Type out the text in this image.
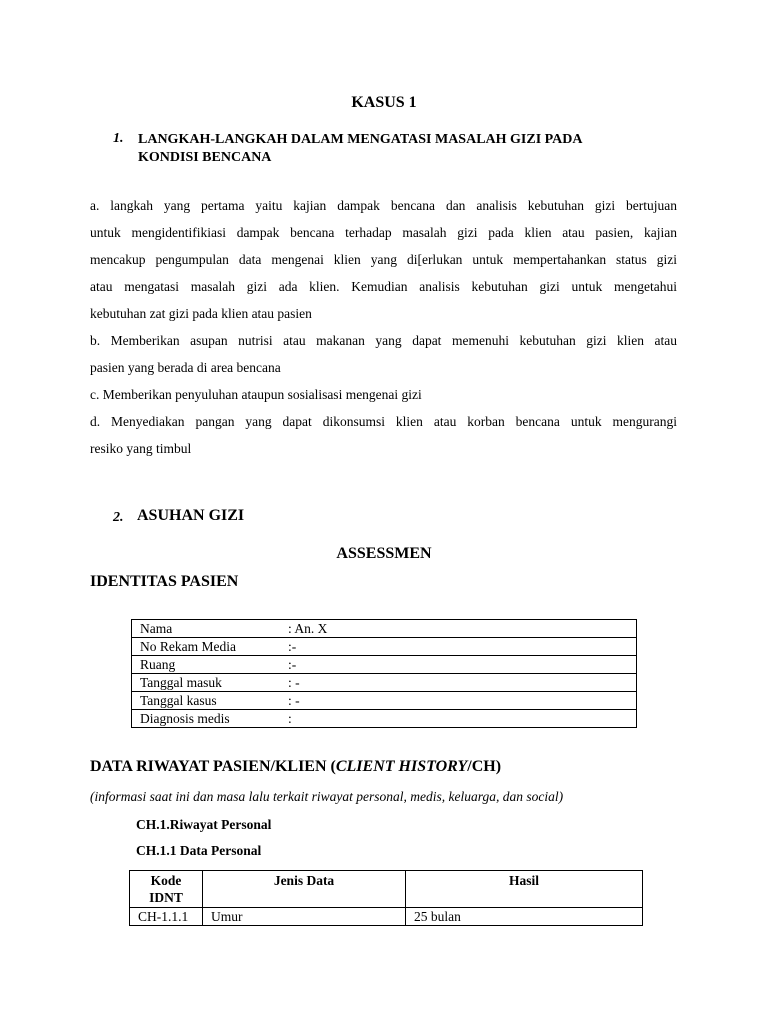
KASUS 1
1. LANGKAH-LANGKAH DALAM MENGATASI MASALAH GIZI PADA
KONDISI BENCANA

a. langkah yang pertama yaitu kajian dampak bencana dan analisis kebutuhan gizi bertujuan

untuk mengidentifikiasi dampak bencana terhadap masalah gizi pada klien atau pasien, kajian

mencakup pengumpulan data mengenai klien yang di[erlukan untuk mempertahankan status gizi

atau mengatasi masalah gizi ada klien. Kemudian analisis kebutuhan gizi untuk mengetahui

kebutuhan zat gizi pada klien atau pasien

b. Memberikan asupan nutrisi atau makanan yang dapat memenuhi kebutuhan gizi klien atau

pasien yang berada di area bencana

c. Memberikan penyuluhan ataupun sosialisasi mengenai gizi

d. Menyediakan pangan yang dapat dikonsumsi klien atau korban bencana untuk mengurangi

resiko yang timbul

2. ASUHAN GIZI
ASSESSMEN
IDENTITAS PASIEN
Nama	: An. X
No Rekam Media	:-
Ruang	:-
Tanggal masuk	: -
Tanggal kasus	: -
Diagnosis medis	:
DATA RIWAYAT PASIEN/KLIEN (CLIENT HISTORY/CH)
(informasi saat ini dan masa lalu terkait riwayat personal, medis, keluarga, dan social)
CH.1.Riwayat Personal
CH.1.1 Data Personal
Kode
IDNT	Jenis Data	Hasil
CH-1.1.1	Umur	25 bulan
